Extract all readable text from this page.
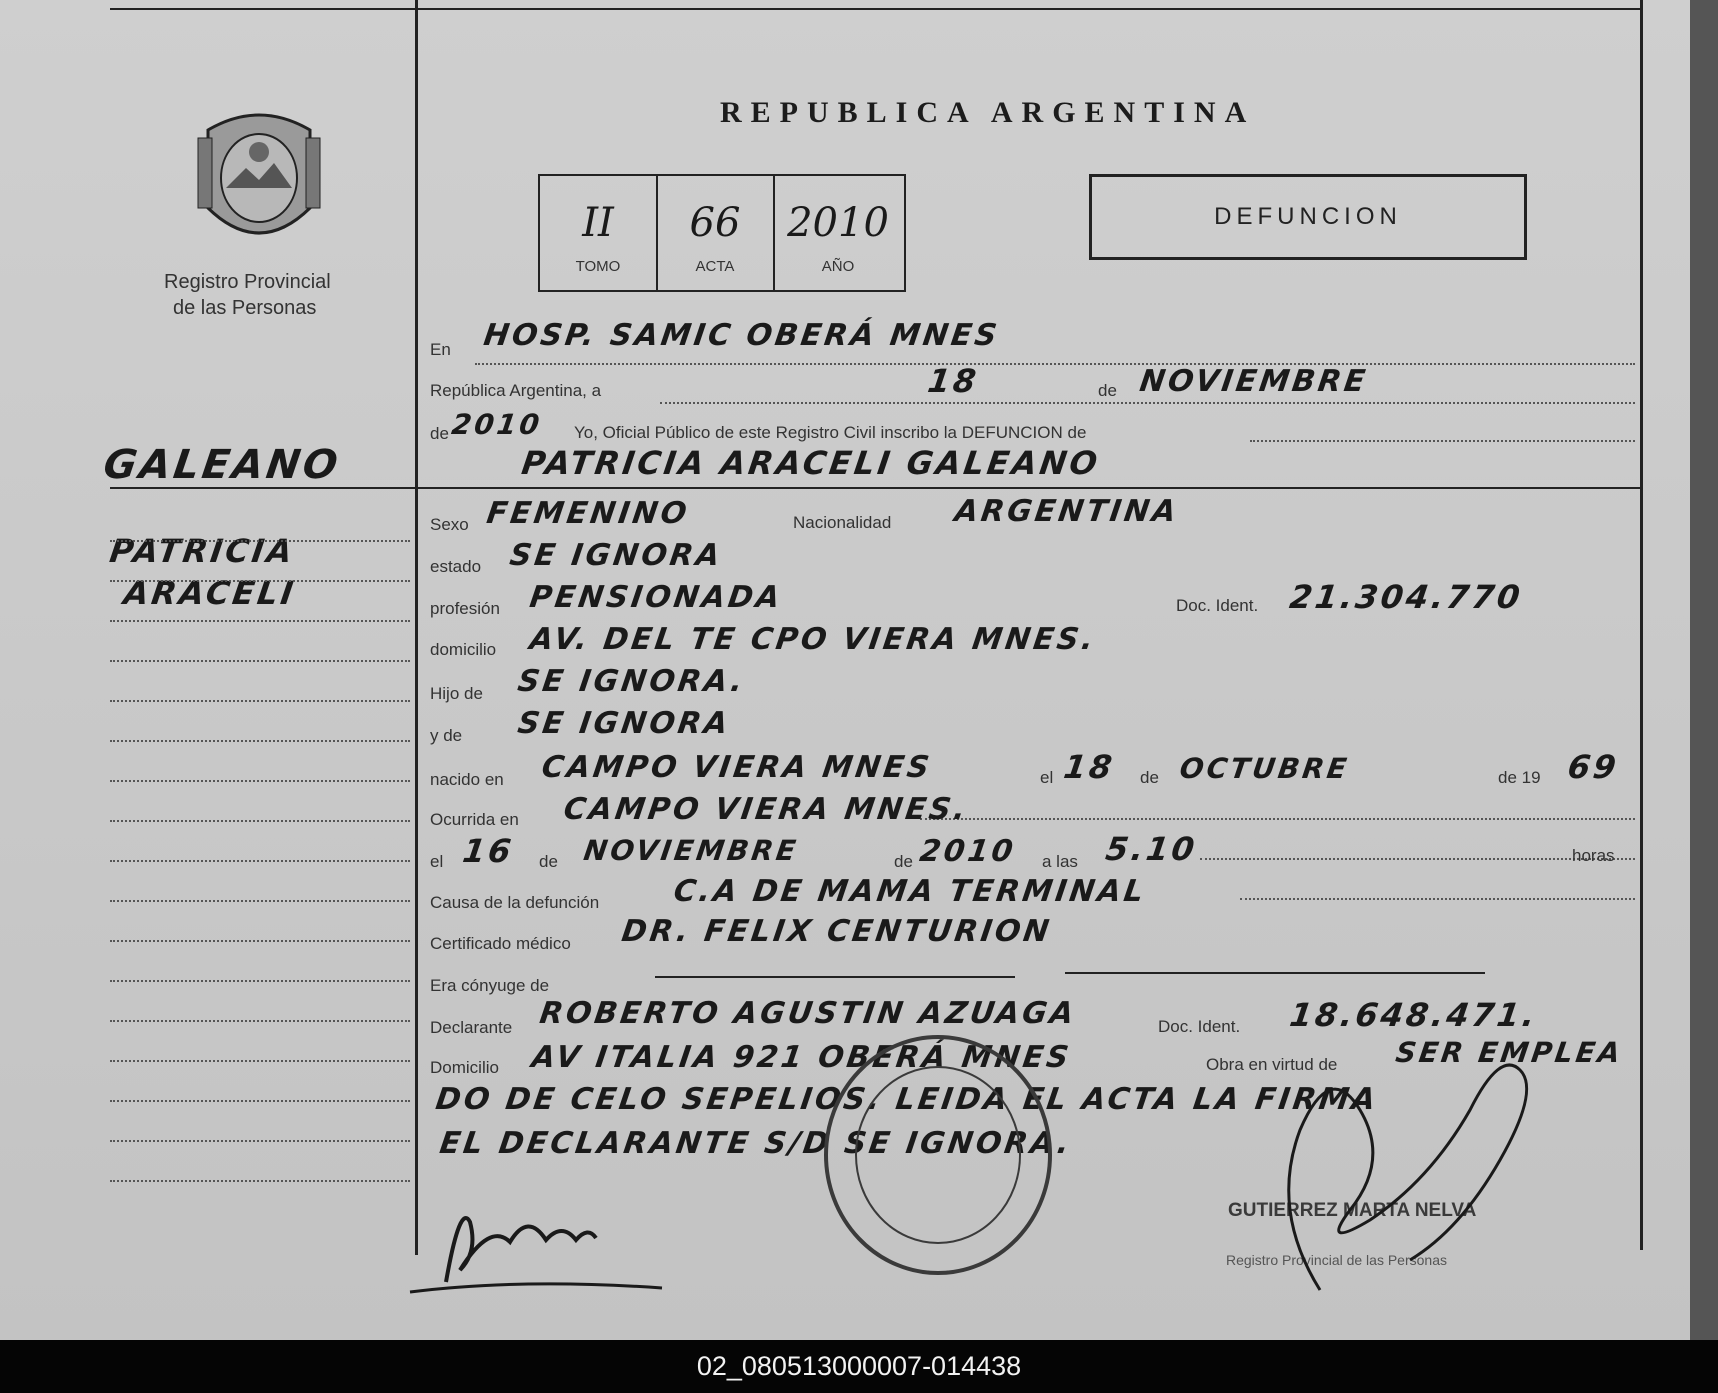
Registro Provincial
de las Personas
REPUBLICA ARGENTINA
II
TOMO
66
ACTA
2010
AÑO
DEFUNCION
GALEANO
PATRICIA
ARACELI
En HOSP. SAMIC OBERÁ MNES
República Argentina, a	18	de NOVIEMBRE
de 2010 Yo, Oficial Público de este Registro Civil inscribo la DEFUNCION de
PATRICIA ARACELI GALEANO
Sexo FEMENINO	Nacionalidad ARGENTINA
estado SE IGNORA
profesión PENSIONADA	Doc. Ident. 21.304.770
domicilio AV. DEL TE CPO VIERA MNES.
Hijo de SE IGNORA.
y de SE IGNORA
nacido en CAMPO VIERA MNES	el 18 de OCTUBRE	de 19 69
Ocurrida en CAMPO VIERA MNES.
el 16 de NOVIEMBRE	de 2010 a las 5.10	horas
Causa de la defunción C.A DE MAMA TERMINAL
Certificado médico DR. FELIX CENTURION
Era cónyuge de
Declarante ROBERTO AGUSTIN AZUAGA	Doc. Ident. 18.648.471.
Domicilio AV ITALIA 921 OBERÁ MNES	Obra en virtud de SER EMPLEA
DO DE CELO SEPELIOS. LEIDA EL ACTA LA FIRMA
EL DECLARANTE S/D SE IGNORA.
GUTIERREZ MARTA NELVA
Registro Provincial de las Personas
02_080513000007-014438
